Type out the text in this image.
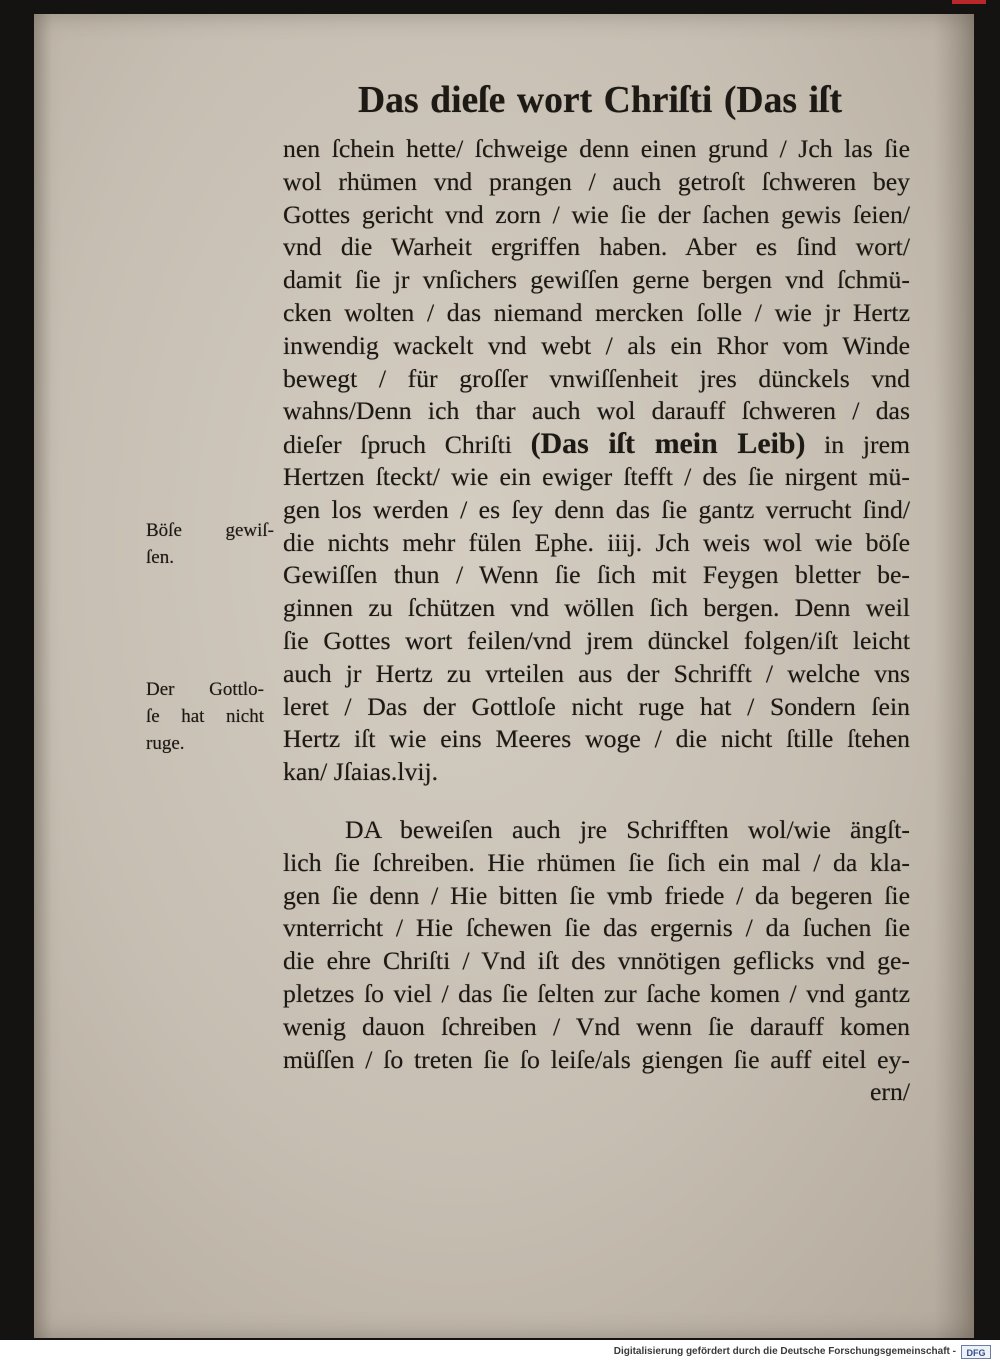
Das dieſe wort Chriſti (Das iſt
nen ſchein hette/ ſchweige denn einen grund / Jch las ſie
wol rhümen vnd prangen / auch getroſt ſchweren bey
Gottes gericht vnd zorn / wie ſie der ſachen gewis ſeien/
vnd die Warheit ergriffen haben. Aber es ſind wort/
damit ſie jr vnſichers gewiſſen gerne bergen vnd ſchmü-
cken wolten / das niemand mercken ſolle / wie jr Hertz
inwendig wackelt vnd webt / als ein Rhor vom Winde
bewegt / für groſſer vnwiſſenheit jres dünckels vnd
wahns/Denn ich thar auch wol darauff ſchweren / das
dieſer ſpruch Chriſti (Das iſt mein Leib) in jrem
Hertzen ſteckt/ wie ein ewiger ſtefft / des ſie nirgent mü-
gen los werden / es ſey denn das ſie gantz verrucht ſind/
die nichts mehr fülen Ephe. iiij. Jch weis wol wie böſe
Gewiſſen thun / Wenn ſie ſich mit Feygen bletter be-
ginnen zu ſchützen vnd wöllen ſich bergen. Denn weil
ſie Gottes wort feilen/vnd jrem dünckel folgen/iſt leicht
auch jr Hertz zu vrteilen aus der Schrifft / welche vns
leret / Das der Gottloſe nicht ruge hat / Sondern ſein
Hertz iſt wie eins Meeres woge / die nicht ſtille ſtehen
kan/ Jſaias.lvij.
DA beweiſen auch jre Schrifften wol/wie ängſt-
lich ſie ſchreiben. Hie rhümen ſie ſich ein mal / da kla-
gen ſie denn / Hie bitten ſie vmb friede / da begeren ſie
vnterricht / Hie ſchewen ſie das ergernis / da ſuchen ſie
die ehre Chriſti / Vnd iſt des vnnötigen geflicks vnd ge-
pletzes ſo viel / das ſie ſelten zur ſache komen / vnd gantz
wenig dauon ſchreiben / Vnd wenn ſie darauff komen
müſſen / ſo treten ſie ſo leiſe/als giengen ſie auff eitel ey-
ern/
Böſe gewiſ-
ſen.
Der Gottlo-
ſe hat nicht
ruge.
Digitalisierung gefördert durch die Deutsche Forschungsgemeinschaft -	DFG
